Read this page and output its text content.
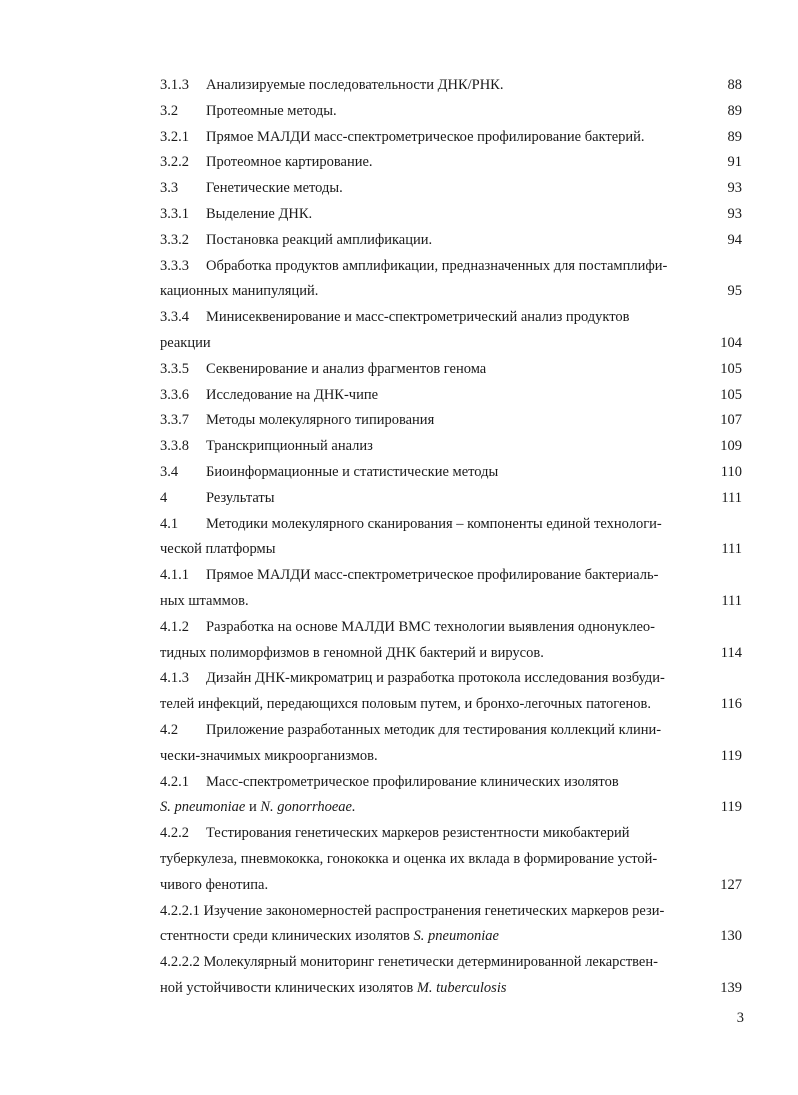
3.1.3 Анализируемые последовательности ДНК/РНК.	88
3.2 Протеомные методы.	89
3.2.1 Прямое МАЛДИ масс-спектрометрическое профилирование бактерий.	89
3.2.2 Протеомное картирование.	91
3.3 Генетические методы.	93
3.3.1 Выделение ДНК.	93
3.3.2 Постановка реакций амплификации.	94
3.3.3 Обработка продуктов амплификации, предназначенных для постамплифи-
кационных манипуляций.	95
3.3.4 Минисеквенирование и масс-спектрометрический анализ продуктов
реакции	104
3.3.5 Секвенирование и анализ фрагментов генома	105
3.3.6 Исследование на ДНК-чипе	105
3.3.7 Методы молекулярного типирования	107
3.3.8 Транскрипционный анализ	109
3.4 Биоинформационные и статистические методы	110
4	Результаты	111
4.1 Методики молекулярного сканирования – компоненты единой технологи-
ческой платформы	111
4.1.1 Прямое МАЛДИ масс-спектрометрическое профилирование бактериаль-
ных штаммов.	111
4.1.2 Разработка на основе МАЛДИ ВМС технологии выявления однонуклео-
тидных полиморфизмов в геномной ДНК бактерий и вирусов.	114
4.1.3 Дизайн ДНК-микроматриц и разработка протокола исследования возбуди-
телей инфекций, передающихся половым путем, и бронхо-легочных патогенов.	116
4.2 Приложение разработанных методик для тестирования коллекций клини-
чески-значимых микроорганизмов.	119
4.2.1 Масс-спектрометрическое профилирование клинических изолятов
S. pneumoniae и N. gonorrhoeae.	119
4.2.2 Тестирования генетических маркеров резистентности микобактерий
туберкулеза, пневмококка, гонококка и оценка их вклада в формирование устой-
чивого фенотипа.	127
4.2.2.1 Изучение закономерностей распространения генетических маркеров рези-
стентности среди клинических изолятов S. pneumoniae	130
4.2.2.2 Молекулярный мониторинг генетически детерминированной лекарствен-
ной устойчивости клинических изолятов M. tuberculosis	139
3
